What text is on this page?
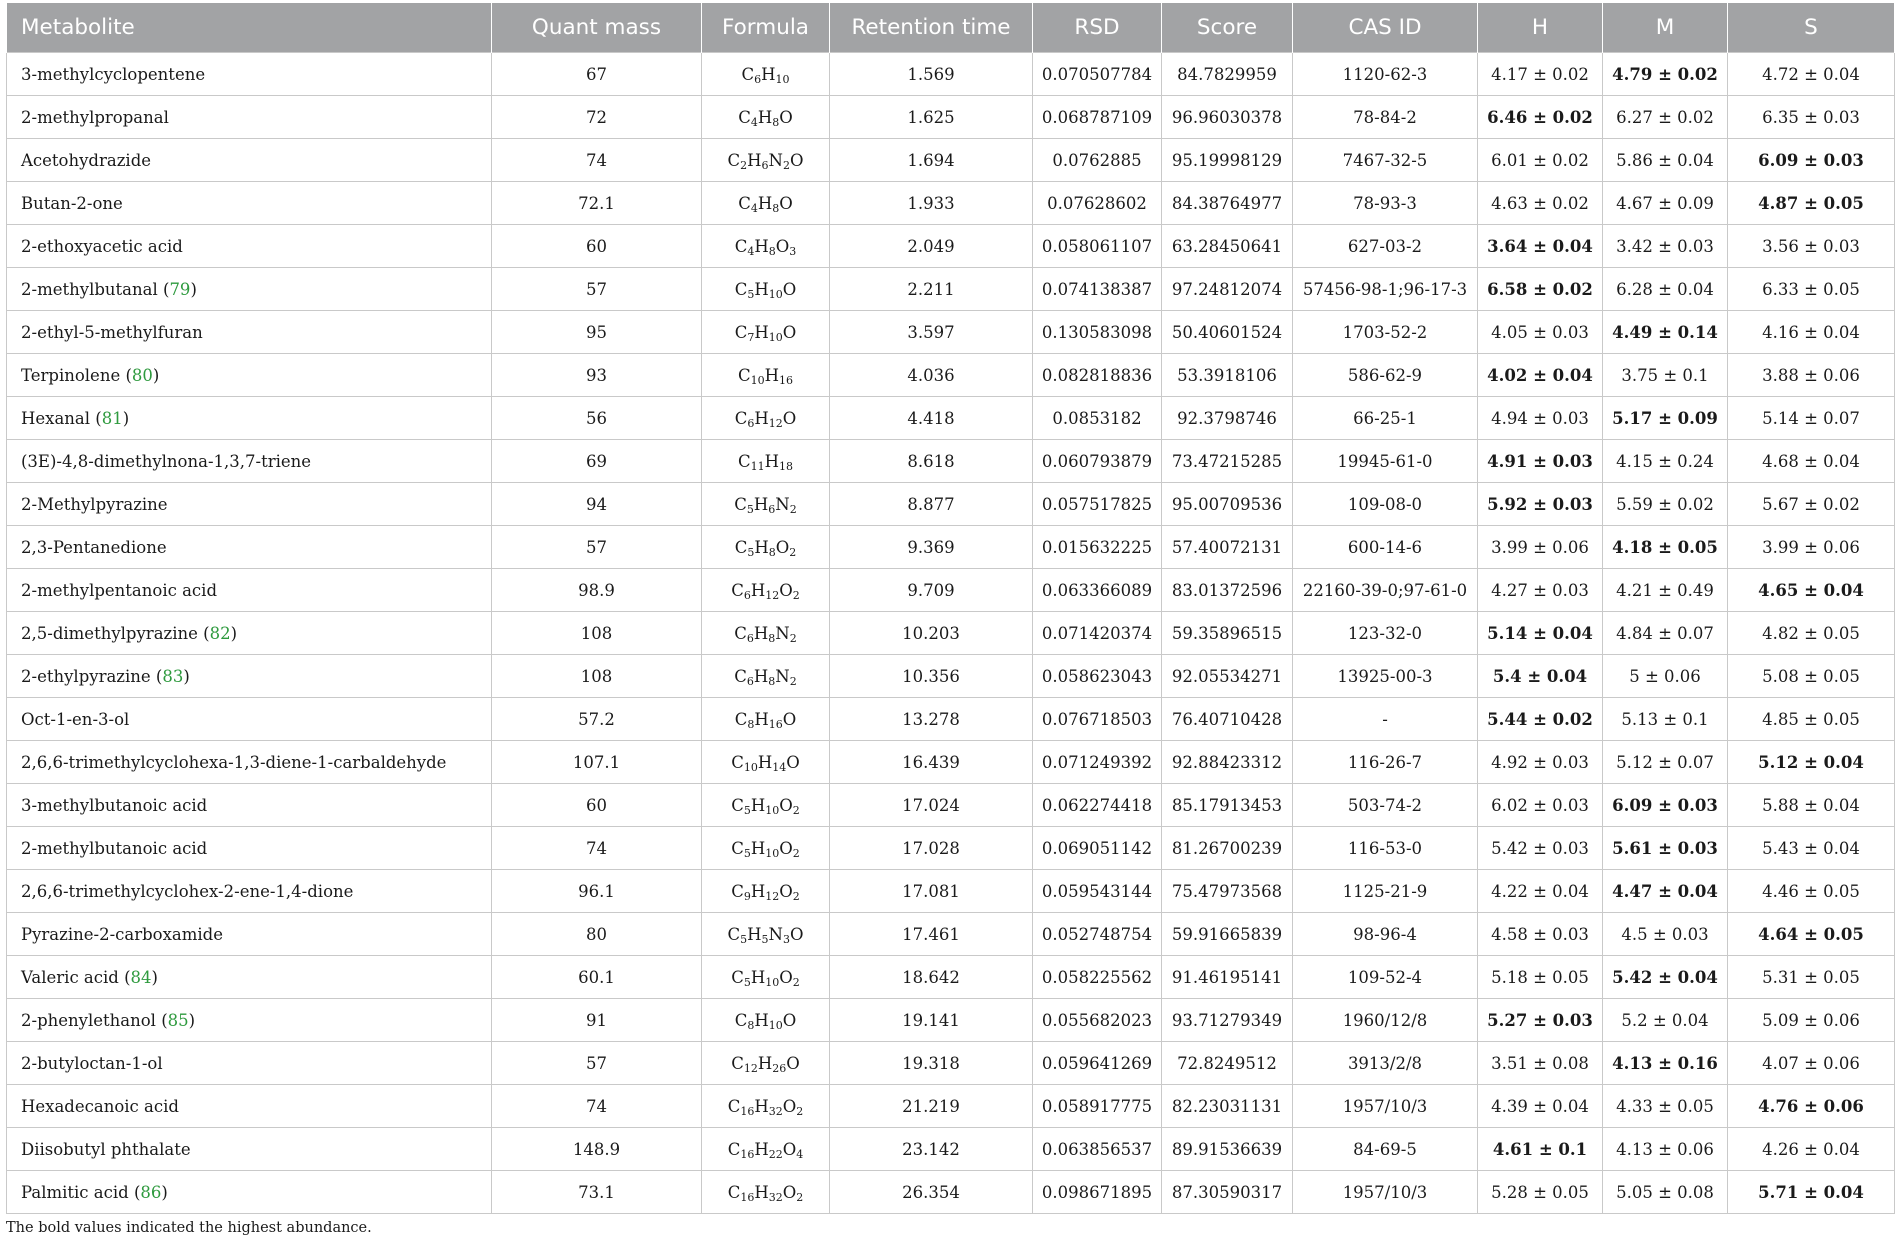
Metabolite	Quant mass	Formula	Retention time	RSD	Score	CAS ID	H	M	S
3-methylcyclopentene	67	$C_6H_{10}$	1.569	0.070507784	84.7829959	1120-62-3	4.17 ± 0.02	4.79 ± 0.02	4.72 ± 0.04
2-methylpropanal	72	$C_4H_8O$	1.625	0.068787109	96.96030378	78-84-2	6.46 ± 0.02	6.27 ± 0.02	6.35 ± 0.03
Acetohydrazide	74	$C_2H_6N_2O$	1.694	0.0762885	95.19998129	7467-32-5	6.01 ± 0.02	5.86 ± 0.04	6.09 ± 0.03
Butan-2-one	72.1	$C_4H_8O$	1.933	0.07628602	84.38764977	78-93-3	4.63 ± 0.02	4.67 ± 0.09	4.87 ± 0.05
2-ethoxyacetic acid	60	$C_4H_8O_3$	2.049	0.058061107	63.28450641	627-03-2	3.64 ± 0.04	3.42 ± 0.03	3.56 ± 0.03
2-methylbutanal (79)	57	$C_5H_{10}O$	2.211	0.074138387	97.24812074	57456-98-1;96-17-3	6.58 ± 0.02	6.28 ± 0.04	6.33 ± 0.05
2-ethyl-5-methylfuran	95	$C_7H_{10}O$	3.597	0.130583098	50.40601524	1703-52-2	4.05 ± 0.03	4.49 ± 0.14	4.16 ± 0.04
Terpinolene (80)	93	$C_{10}H_{16}$	4.036	0.082818836	53.3918106	586-62-9	4.02 ± 0.04	3.75 ± 0.1	3.88 ± 0.06
Hexanal (81)	56	$C_6H_{12}O$	4.418	0.0853182	92.3798746	66-25-1	4.94 ± 0.03	5.17 ± 0.09	5.14 ± 0.07
(3E)-4,8-dimethylnona-1,3,7-triene	69	$C_{11}H_{18}$	8.618	0.060793879	73.47215285	19945-61-0	4.91 ± 0.03	4.15 ± 0.24	4.68 ± 0.04
2-Methylpyrazine	94	$C_5H_6N_2$	8.877	0.057517825	95.00709536	109-08-0	5.92 ± 0.03	5.59 ± 0.02	5.67 ± 0.02
2,3-Pentanedione	57	$C_5H_8O_2$	9.369	0.015632225	57.40072131	600-14-6	3.99 ± 0.06	4.18 ± 0.05	3.99 ± 0.06
2-methylpentanoic acid	98.9	$C_6H_{12}O_2$	9.709	0.063366089	83.01372596	22160-39-0;97-61-0	4.27 ± 0.03	4.21 ± 0.49	4.65 ± 0.04
2,5-dimethylpyrazine (82)	108	$C_6H_8N_2$	10.203	0.071420374	59.35896515	123-32-0	5.14 ± 0.04	4.84 ± 0.07	4.82 ± 0.05
2-ethylpyrazine (83)	108	$C_6H_8N_2$	10.356	0.058623043	92.05534271	13925-00-3	5.4 ± 0.04	5 ± 0.06	5.08 ± 0.05
Oct-1-en-3-ol	57.2	$C_8H_{16}O$	13.278	0.076718503	76.40710428	-	5.44 ± 0.02	5.13 ± 0.1	4.85 ± 0.05
2,6,6-trimethylcyclohexa-1,3-diene-1-carbaldehyde	107.1	$C_{10}H_{14}O$	16.439	0.071249392	92.88423312	116-26-7	4.92 ± 0.03	5.12 ± 0.07	5.12 ± 0.04
3-methylbutanoic acid	60	$C_5H_{10}O_2$	17.024	0.062274418	85.17913453	503-74-2	6.02 ± 0.03	6.09 ± 0.03	5.88 ± 0.04
2-methylbutanoic acid	74	$C_5H_{10}O_2$	17.028	0.069051142	81.26700239	116-53-0	5.42 ± 0.03	5.61 ± 0.03	5.43 ± 0.04
2,6,6-trimethylcyclohex-2-ene-1,4-dione	96.1	$C_9H_{12}O_2$	17.081	0.059543144	75.47973568	1125-21-9	4.22 ± 0.04	4.47 ± 0.04	4.46 ± 0.05
Pyrazine-2-carboxamide	80	$C_5H_5N_3O$	17.461	0.052748754	59.91665839	98-96-4	4.58 ± 0.03	4.5 ± 0.03	4.64 ± 0.05
Valeric acid (84)	60.1	$C_5H_{10}O_2$	18.642	0.058225562	91.46195141	109-52-4	5.18 ± 0.05	5.42 ± 0.04	5.31 ± 0.05
2-phenylethanol (85)	91	$C_8H_{10}O$	19.141	0.055682023	93.71279349	1960/12/8	5.27 ± 0.03	5.2 ± 0.04	5.09 ± 0.06
2-butyloctan-1-ol	57	$C_{12}H_{26}O$	19.318	0.059641269	72.8249512	3913/2/8	3.51 ± 0.08	4.13 ± 0.16	4.07 ± 0.06
Hexadecanoic acid	74	$C_{16}H_{32}O_2$	21.219	0.058917775	82.23031131	1957/10/3	4.39 ± 0.04	4.33 ± 0.05	4.76 ± 0.06
Diisobutyl phthalate	148.9	$C_{16}H_{22}O_4$	23.142	0.063856537	89.91536639	84-69-5	4.61 ± 0.1	4.13 ± 0.06	4.26 ± 0.04
Palmitic acid (86)	73.1	$C_{16}H_{32}O_2$	26.354	0.098671895	87.30590317	1957/10/3	5.28 ± 0.05	5.05 ± 0.08	5.71 ± 0.04

The bold values indicated the highest abundance.
